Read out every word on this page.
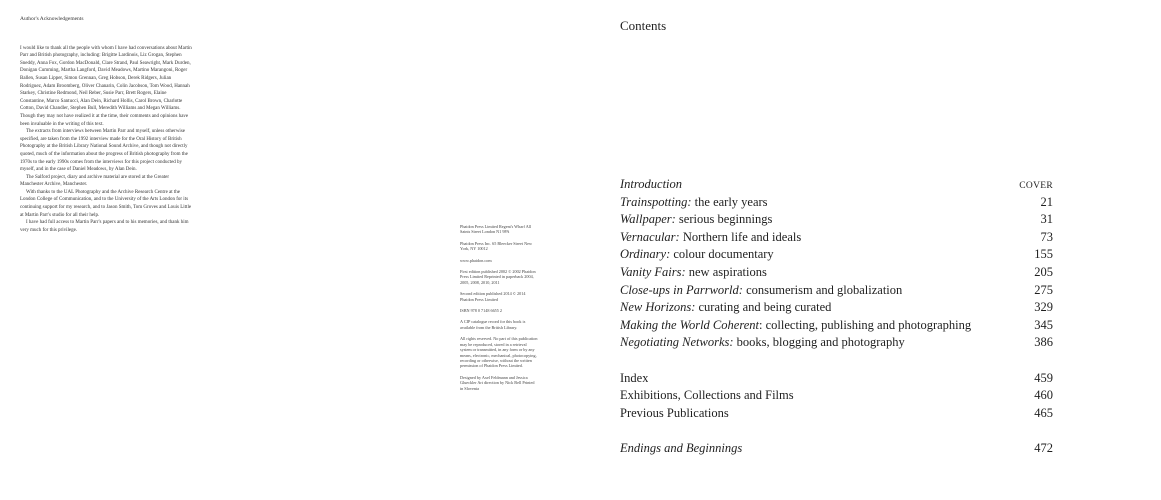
Author's Acknowledgements

I would like to thank all the people with whom I have had conversations about Martin Parr and British photography, including: Brigitte Lardinois, Liz Grogan, Stephen Sneddy, Anna Fox, Gordon MacDonald, Clare Strand, Paul Seawright, Mark Durden, Donigan Cumming, Martha Langford, David Meadows, Martino Marangoni, Roger Ballen, Susan Lipper, Simon Grennan, Greg Hobson, Derek Ridgers, Julian Rodriguez, Adam Broomberg, Oliver Chanarin, Colin Jacobson, Tom Wood, Hannah Starkey, Christine Redmond, Neil Reber, Susie Parr, Brett Rogers, Elaine Constantine, Marco Santucci, Alan Dein, Richard Hollis, Carol Brown, Charlotte Cotton, David Chandler, Stephen Bull, Meredith Williams and Megan Williams. Though they may not have realized it at the time, their comments and opinions have been invaluable in the writing of this text.

The extracts from interviews between Martin Parr and myself, unless otherwise specified, are taken from the 1992 interview made for the Oral History of British Photography at the British Library National Sound Archive, and though not directly quoted, much of the information about the progress of British photography from the 1970s to the early 1990s comes from the interviews for this project conducted by myself, and in the case of Daniel Meadows, by Alan Dein.

The Salford project, diary and archive material are stored at the Greater Manchester Archive, Manchester.

With thanks to the UAL Photography and the Archive Research Centre at the London College of Communication, and to the University of the Arts London for its continuing support for my research, and to Jason Smith, Tom Groves and Louis Little at Martin Parr's studio for all their help.

I have had full access to Martin Parr's papers and to his memories, and thank him very much for this privilege.

Phaidon Press Limited Regent's Wharf All Saints Street London N1 9PA
Phaidon Press Inc. 65 Bleecker Street New York, NY 10012
www.phaidon.com
First edition published 2002 © 2002 Phaidon Press Limited Reprinted in paperback 2004, 2005, 2008, 2010, 2011
Second edition published 2014 © 2014 Phaidon Press Limited
ISBN 978 0 7148 6655 2
A CIP catalogue record for this book is available from the British Library.
All rights reserved. No part of this publication may be reproduced, stored in a retrieval system or transmitted, in any form or by any means, electronic, mechanical, photocopying, recording or otherwise, without the written permission of Phaidon Press Limited.
Designed by Axel Feldmann and Jessica Glueckler Art direction by Nick Bell Printed in Slovenia
Contents
Introduction	COVER
Trainspotting: the early years	21
Wallpaper: serious beginnings	31
Vernacular: Northern life and ideals	73
Ordinary: colour documentary	155
Vanity Fairs: new aspirations	205
Close-ups in Parrworld: consumerism and globalization	275
New Horizons: curating and being curated	329
Making the World Coherent: collecting, publishing and photographing	345
Negotiating Networks: books, blogging and photography	386
Index	459
Exhibitions, Collections and Films	460
Previous Publications	465
Endings and Beginnings	472
